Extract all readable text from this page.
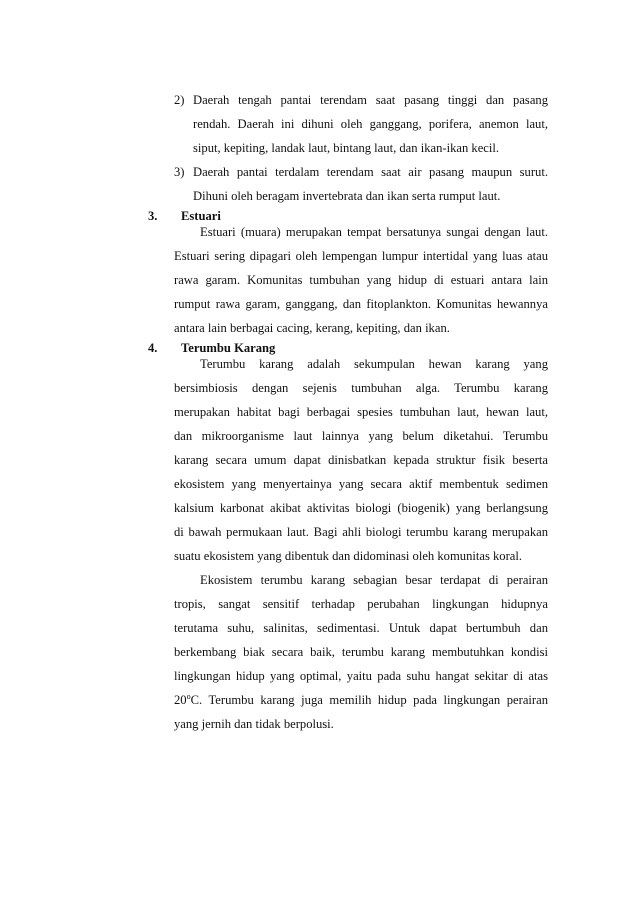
2) Daerah tengah pantai terendam saat pasang tinggi dan pasang
rendah. Daerah ini dihuni oleh ganggang, porifera, anemon laut,
siput, kepiting, landak laut, bintang laut, dan ikan-ikan kecil.
3) Daerah pantai terdalam terendam saat air pasang maupun surut.
Dihuni oleh beragam invertebrata dan ikan serta rumput laut.
3. Estuari
Estuari (muara) merupakan tempat bersatunya sungai dengan laut.
Estuari sering dipagari oleh lempengan lumpur intertidal yang luas atau
rawa garam. Komunitas tumbuhan yang hidup di estuari antara lain
rumput rawa garam, ganggang, dan fitoplankton. Komunitas hewannya
antara lain berbagai cacing, kerang, kepiting, dan ikan.
4. Terumbu Karang
Terumbu karang adalah sekumpulan hewan karang yang
bersimbiosis dengan sejenis tumbuhan alga. Terumbu karang
merupakan habitat bagi berbagai spesies tumbuhan laut, hewan laut,
dan mikroorganisme laut lainnya yang belum diketahui. Terumbu
karang secara umum dapat dinisbatkan kepada struktur fisik beserta
ekosistem yang menyertainya yang secara aktif membentuk sedimen
kalsium karbonat akibat aktivitas biologi (biogenik) yang berlangsung
di bawah permukaan laut. Bagi ahli biologi terumbu karang merupakan
suatu ekosistem yang dibentuk dan didominasi oleh komunitas koral.
Ekosistem terumbu karang sebagian besar terdapat di perairan
tropis, sangat sensitif terhadap perubahan lingkungan hidupnya
terutama suhu, salinitas, sedimentasi. Untuk dapat bertumbuh dan
berkembang biak secara baik, terumbu karang membutuhkan kondisi
lingkungan hidup yang optimal, yaitu pada suhu hangat sekitar di atas
20$^o$C. Terumbu karang juga memilih hidup pada lingkungan perairan
yang jernih dan tidak berpolusi.
